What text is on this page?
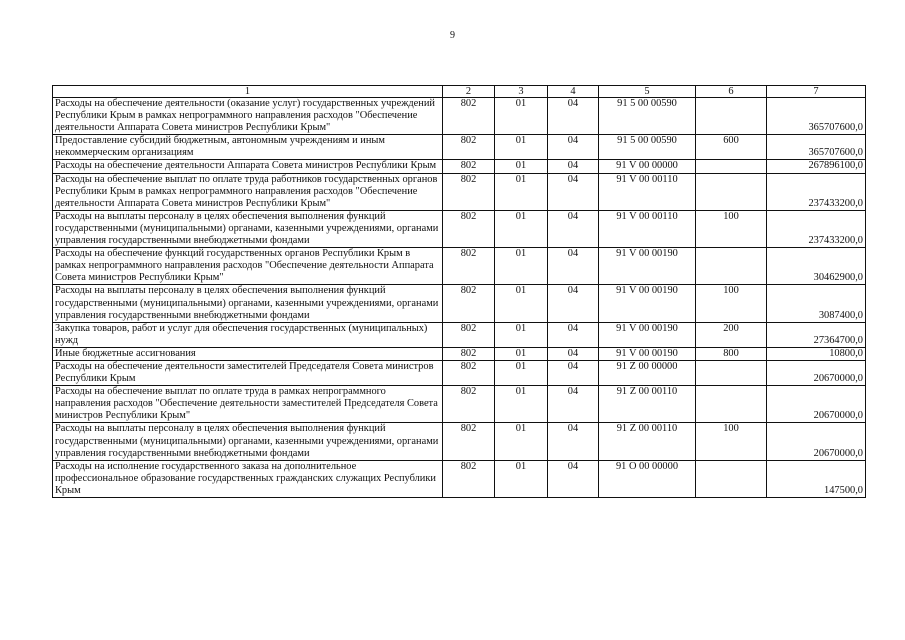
9
1	2	3	4	5	6	7
Расходы на обеспечение деятельности (оказание услуг) государственных учреждений Республики Крым в рамках непрограммного направления расходов "Обеспечение деятельности Аппарата Совета министров Республики Крым"	802	01	04	91 5 00 00590		365707600,0
Предоставление субсидий бюджетным, автономным учреждениям и иным некоммерческим организациям	802	01	04	91 5 00 00590	600	365707600,0
Расходы на обеспечение деятельности Аппарата Совета министров Республики Крым	802	01	04	91 V 00 00000		267896100,0
Расходы на обеспечение выплат по оплате труда работников государственных органов Республики Крым в рамках непрограммного направления расходов "Обеспечение деятельности Аппарата Совета министров Республики Крым"	802	01	04	91 V 00 00110		237433200,0
Расходы на выплаты персоналу в целях обеспечения выполнения функций государственными (муниципальными) органами, казенными учреждениями, органами управления государственными внебюджетными фондами	802	01	04	91 V 00 00110	100	237433200,0
Расходы на обеспечение функций государственных органов Республики Крым в рамках непрограммного направления расходов "Обеспечение деятельности Аппарата Совета министров Республики Крым"	802	01	04	91 V 00 00190		30462900,0
Расходы на выплаты персоналу в целях обеспечения выполнения функций государственными (муниципальными) органами, казенными учреждениями, органами управления государственными внебюджетными фондами	802	01	04	91 V 00 00190	100	3087400,0
Закупка товаров, работ и услуг для обеспечения государственных (муниципальных) нужд	802	01	04	91 V 00 00190	200	27364700,0
Иные бюджетные ассигнования	802	01	04	91 V 00 00190	800	10800,0
Расходы на обеспечение деятельности заместителей Председателя Совета министров Республики Крым	802	01	04	91 Z 00 00000		20670000,0
Расходы на обеспечение выплат по оплате труда в рамках непрограммного направления расходов "Обеспечение деятельности заместителей Председателя Совета министров Республики Крым"	802	01	04	91 Z 00 00110		20670000,0
Расходы на выплаты персоналу в целях обеспечения выполнения функций государственными (муниципальными) органами, казенными учреждениями, органами управления государственными внебюджетными фондами	802	01	04	91 Z 00 00110	100	20670000,0
Расходы на исполнение государственного заказа на дополнительное профессиональное образование государственных гражданских служащих Республики Крым	802	01	04	91 O 00 00000		147500,0
